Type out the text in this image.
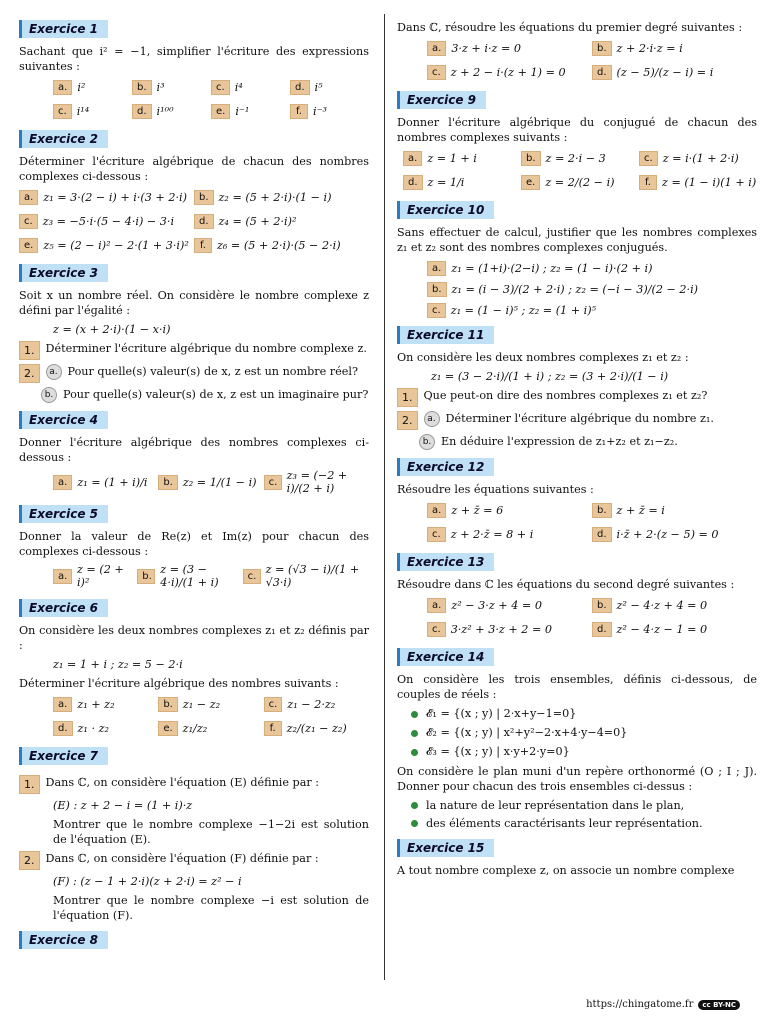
Exercice 1
Sachant que i² = −1, simplifier l'écriture des expressions suivantes :
a. i²	b. i³	c. i⁴	d. i⁵
c. i¹⁴	d. i¹⁰⁰	e. i⁻¹	f. i⁻³
Exercice 2
Déterminer l'écriture algébrique de chacun des nombres complexes ci-dessous :
a. z₁ = 3·(2 − i) + i·(3 + 2·i)	b. z₂ = (5 + 2·i)·(1 − i)
c. z₃ = −5·i·(5 − 4·i) − 3·i	d. z₄ = (5 + 2·i)²
e. z₅ = (2 − i)² − 2·(1 + 3·i)²	f. z₆ = (5 + 2·i)·(5 − 2·i)
Exercice 3
Soit x un nombre réel. On considère le nombre complexe z défini par l'égalité :
z = (x + 2·i)·(1 − x·i)
1. Déterminer l'écriture algébrique du nombre complexe z.
2.	a. Pour quelle(s) valeur(s) de x, z est un nombre réel?
b. Pour quelle(s) valeur(s) de x, z est un imaginaire pur?
Exercice 4
Donner l'écriture algébrique des nombres complexes ci-dessous :
a. z₁ = (1 + i)/i	b. z₂ = 1/(1 − i)	c. z₃ = (−2 + i)/(2 + i)
Exercice 5
Donner la valeur de Re(z) et Im(z) pour chacun des complexes ci-dessous :
a. z = (2 + i)²	b. z = (3 − 4·i)/(1 + i)	c. z = (√3 − i)/(1 + √3·i)
Exercice 6
On considère les deux nombres complexes z₁ et z₂ définis par :
z₁ = 1 + i ; z₂ = 5 − 2·i
Déterminer l'écriture algébrique des nombres suivants :
a. z₁ + z₂	b. z₁ − z₂	c. z₁ − 2·z₂
d. z₁ · z₂	e. z₁/z₂	f. z₂/(z₁ − z₂)
Exercice 7
1. Dans ℂ, on considère l'équation (E) définie par :
(E) : z + 2 − i = (1 + i)·z
Montrer que le nombre complexe −1−2i est solution de l'équation (E).
2. Dans ℂ, on considère l'équation (F) définie par :
(F) : (z − 1 + 2·i)(z + 2·i) = z² − i
Montrer que le nombre complexe −i est solution de l'équation (F).
Exercice 8
Dans ℂ, résoudre les équations du premier degré suivantes :
a. 3·z + i·z = 0	b. z + 2·i·z = i
c. z + 2 − i·(z + 1) = 0	d. (z − 5)/(z − i) = i
Exercice 9
Donner l'écriture algébrique du conjugué de chacun des nombres complexes suivants :
a. z = 1 + i	b. z = 2·i − 3	c. z = i·(1 + 2·i)
d. z = 1/i	e. z = 2/(2 − i)	f. z = (1 − i)(1 + i)
Exercice 10
Sans effectuer de calcul, justifier que les nombres complexes z₁ et z₂ sont des nombres complexes conjugués.
a. z₁ = (1+i)·(2−i) ; z₂ = (1 − i)·(2 + i)
b. z₁ = (i − 3)/(2 + 2·i) ; z₂ = (−i − 3)/(2 − 2·i)
c. z₁ = (1 − i)⁵ ; z₂ = (1 + i)⁵
Exercice 11
On considère les deux nombres complexes z₁ et z₂ :
z₁ = (3 − 2·i)/(1 + i) ; z₂ = (3 + 2·i)/(1 − i)
1. Que peut-on dire des nombres complexes z₁ et z₂?
2.	a. Déterminer l'écriture algébrique du nombre z₁.
b. En déduire l'expression de z₁+z₂ et z₁−z₂.
Exercice 12
Résoudre les équations suivantes :
a. z + z̄ = 6	b. z + z̄ = i
c. z + 2·z̄ = 8 + i	d. i·z̄ + 2·(z − 5) = 0
Exercice 13
Résoudre dans ℂ les équations du second degré suivantes :
a. z² − 3·z + 4 = 0	b. z² − 4·z + 4 = 0
c. 3·z² + 3·z + 2 = 0	d. z² − 4·z − 1 = 0
Exercice 14
On considère les trois ensembles, définis ci-dessous, de couples de réels :
𝓔₁ = {(x ; y) | 2·x+y−1=0}
𝓔₂ = {(x ; y) | x²+y²−2·x+4·y−4=0}
𝓔₃ = {(x ; y) | x·y+2·y=0}
On considère le plan muni d'un repère orthonormé (O ; I ; J). Donner pour chacun des trois ensembles ci-dessus :
la nature de leur représentation dans le plan,
des éléments caractérisants leur représentation.
Exercice 15
A tout nombre complexe z, on associe un nombre complexe
https://chingatome.fr	cc BY-NC
